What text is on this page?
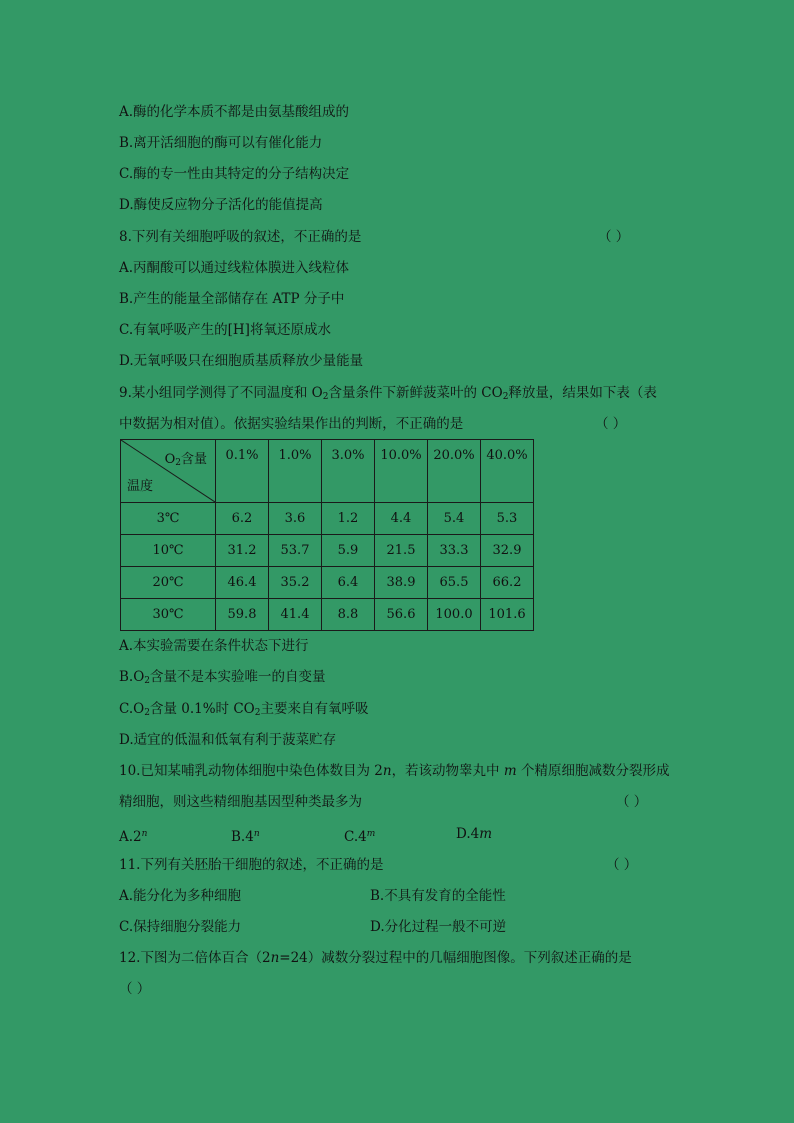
A.酶的化学本质不都是由氨基酸组成的
B.离开活细胞的酶可以有催化能力
C.酶的专一性由其特定的分子结构决定
D.酶使反应物分子活化的能值提高
8.下列有关细胞呼吸的叙述，不正确的是	（ ）
A.丙酮酸可以通过线粒体膜进入线粒体
B.产生的能量全部储存在 ATP 分子中
C.有氧呼吸产生的[H]将氧还原成水
D.无氧呼吸只在细胞质基质释放少量能量
9.某小组同学测得了不同温度和 $O_2$含量条件下新鲜菠菜叶的 $CO_2$释放量，结果如下表（表
中数据为相对值）。依据实验结果作出的判断，不正确的是	（ ）
$O_2$含量
温度	0.1%	1.0%	3.0%	10.0%	20.0%	40.0%
3℃	6.2	3.6	1.2	4.4	5.4	5.3
10℃	31.2	53.7	5.9	21.5	33.3	32.9
20℃	46.4	35.2	6.4	38.9	65.5	66.2
30℃	59.8	41.4	8.8	56.6	100.0	101.6
A.本实验需要在条件状态下进行
$B.O_2$含量不是本实验唯一的自变量
$C.O_2$含量 0.1%时 $CO_2$主要来自有氧呼吸
D.适宜的低温和低氧有利于菠菜贮存
10.已知某哺乳动物体细胞中染色体数目为 2n，若该动物睾丸中 m 个精原细胞减数分裂形成
精细胞，则这些精细胞基因型种类最多为	（ ）
A.2$^n$	B.4$^n$	C.4$^m$	D.4m
11.下列有关胚胎干细胞的叙述，不正确的是	（ ）
A.能分化为多种细胞	B.不具有发育的全能性
C.保持细胞分裂能力	D.分化过程一般不可逆
12.下图为二倍体百合（2n=24）减数分裂过程中的几幅细胞图像。下列叙述正确的是
（ ）
